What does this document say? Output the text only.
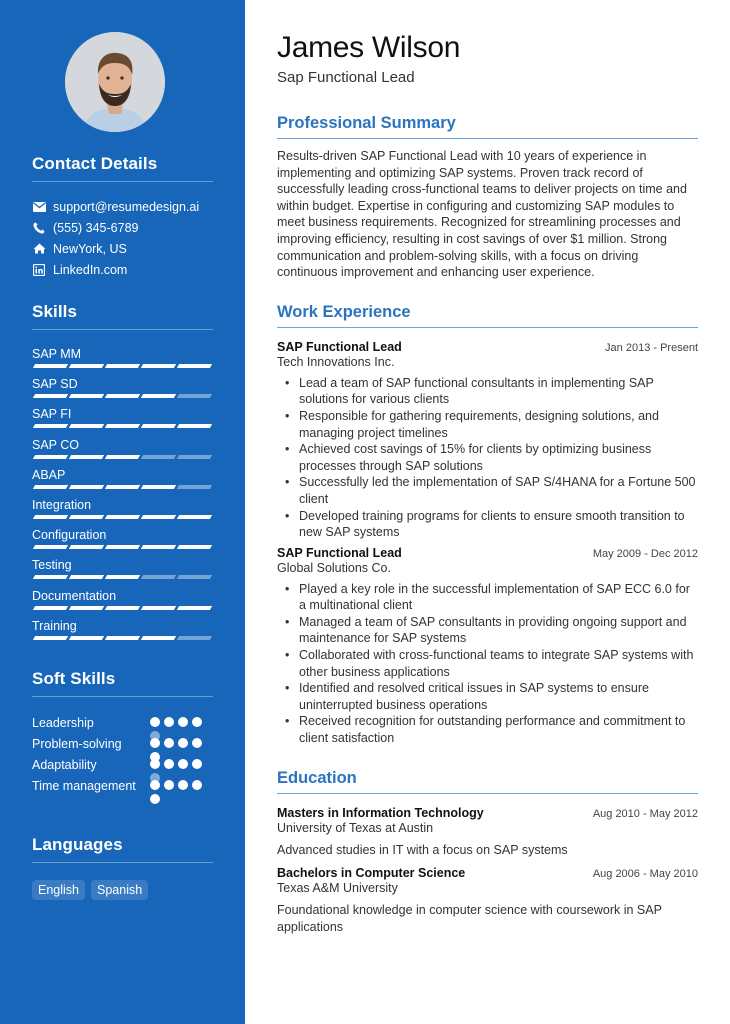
Contact Details
support@resumedesign.ai
(555) 345-6789
NewYork, US
LinkedIn.com
Skills
SAP MM
SAP SD
SAP FI
SAP CO
ABAP
Integration
Configuration
Testing
Documentation
Training
Soft Skills
Leadership
Problem-solving
Adaptability
Time management
Languages
English	Spanish
James Wilson
Sap Functional Lead
Professional Summary

Results-driven SAP Functional Lead with 10 years of experience in implementing and optimizing SAP systems. Proven track record of successfully leading cross-functional teams to deliver projects on time and within budget. Expertise in configuring and customizing SAP modules to meet business requirements. Recognized for streamlining processes and improving efficiency, resulting in cost savings of over $1 million. Strong communication and problem-solving skills, with a focus on driving continuous improvement and enhancing user experience.

Work Experience
SAP Functional Lead	Jan 2013 - Present
Tech Innovations Inc.
• Lead a team of SAP functional consultants in implementing SAP solutions for various clients
• Responsible for gathering requirements, designing solutions, and managing project timelines
• Achieved cost savings of 15% for clients by optimizing business processes through SAP solutions
• Successfully led the implementation of SAP S/4HANA for a Fortune 500 client
• Developed training programs for clients to ensure smooth transition to new SAP systems
SAP Functional Lead	May 2009 - Dec 2012
Global Solutions Co.
• Played a key role in the successful implementation of SAP ECC 6.0 for a multinational client
• Managed a team of SAP consultants in providing ongoing support and maintenance for SAP systems
• Collaborated with cross-functional teams to integrate SAP systems with other business applications
• Identified and resolved critical issues in SAP systems to ensure uninterrupted business operations
• Received recognition for outstanding performance and commitment to client satisfaction
Education
Masters in Information Technology	Aug 2010 - May 2012
University of Texas at Austin
Advanced studies in IT with a focus on SAP systems
Bachelors in Computer Science	Aug 2006 - May 2010
Texas A&M University
Foundational knowledge in computer science with coursework in SAP applications
